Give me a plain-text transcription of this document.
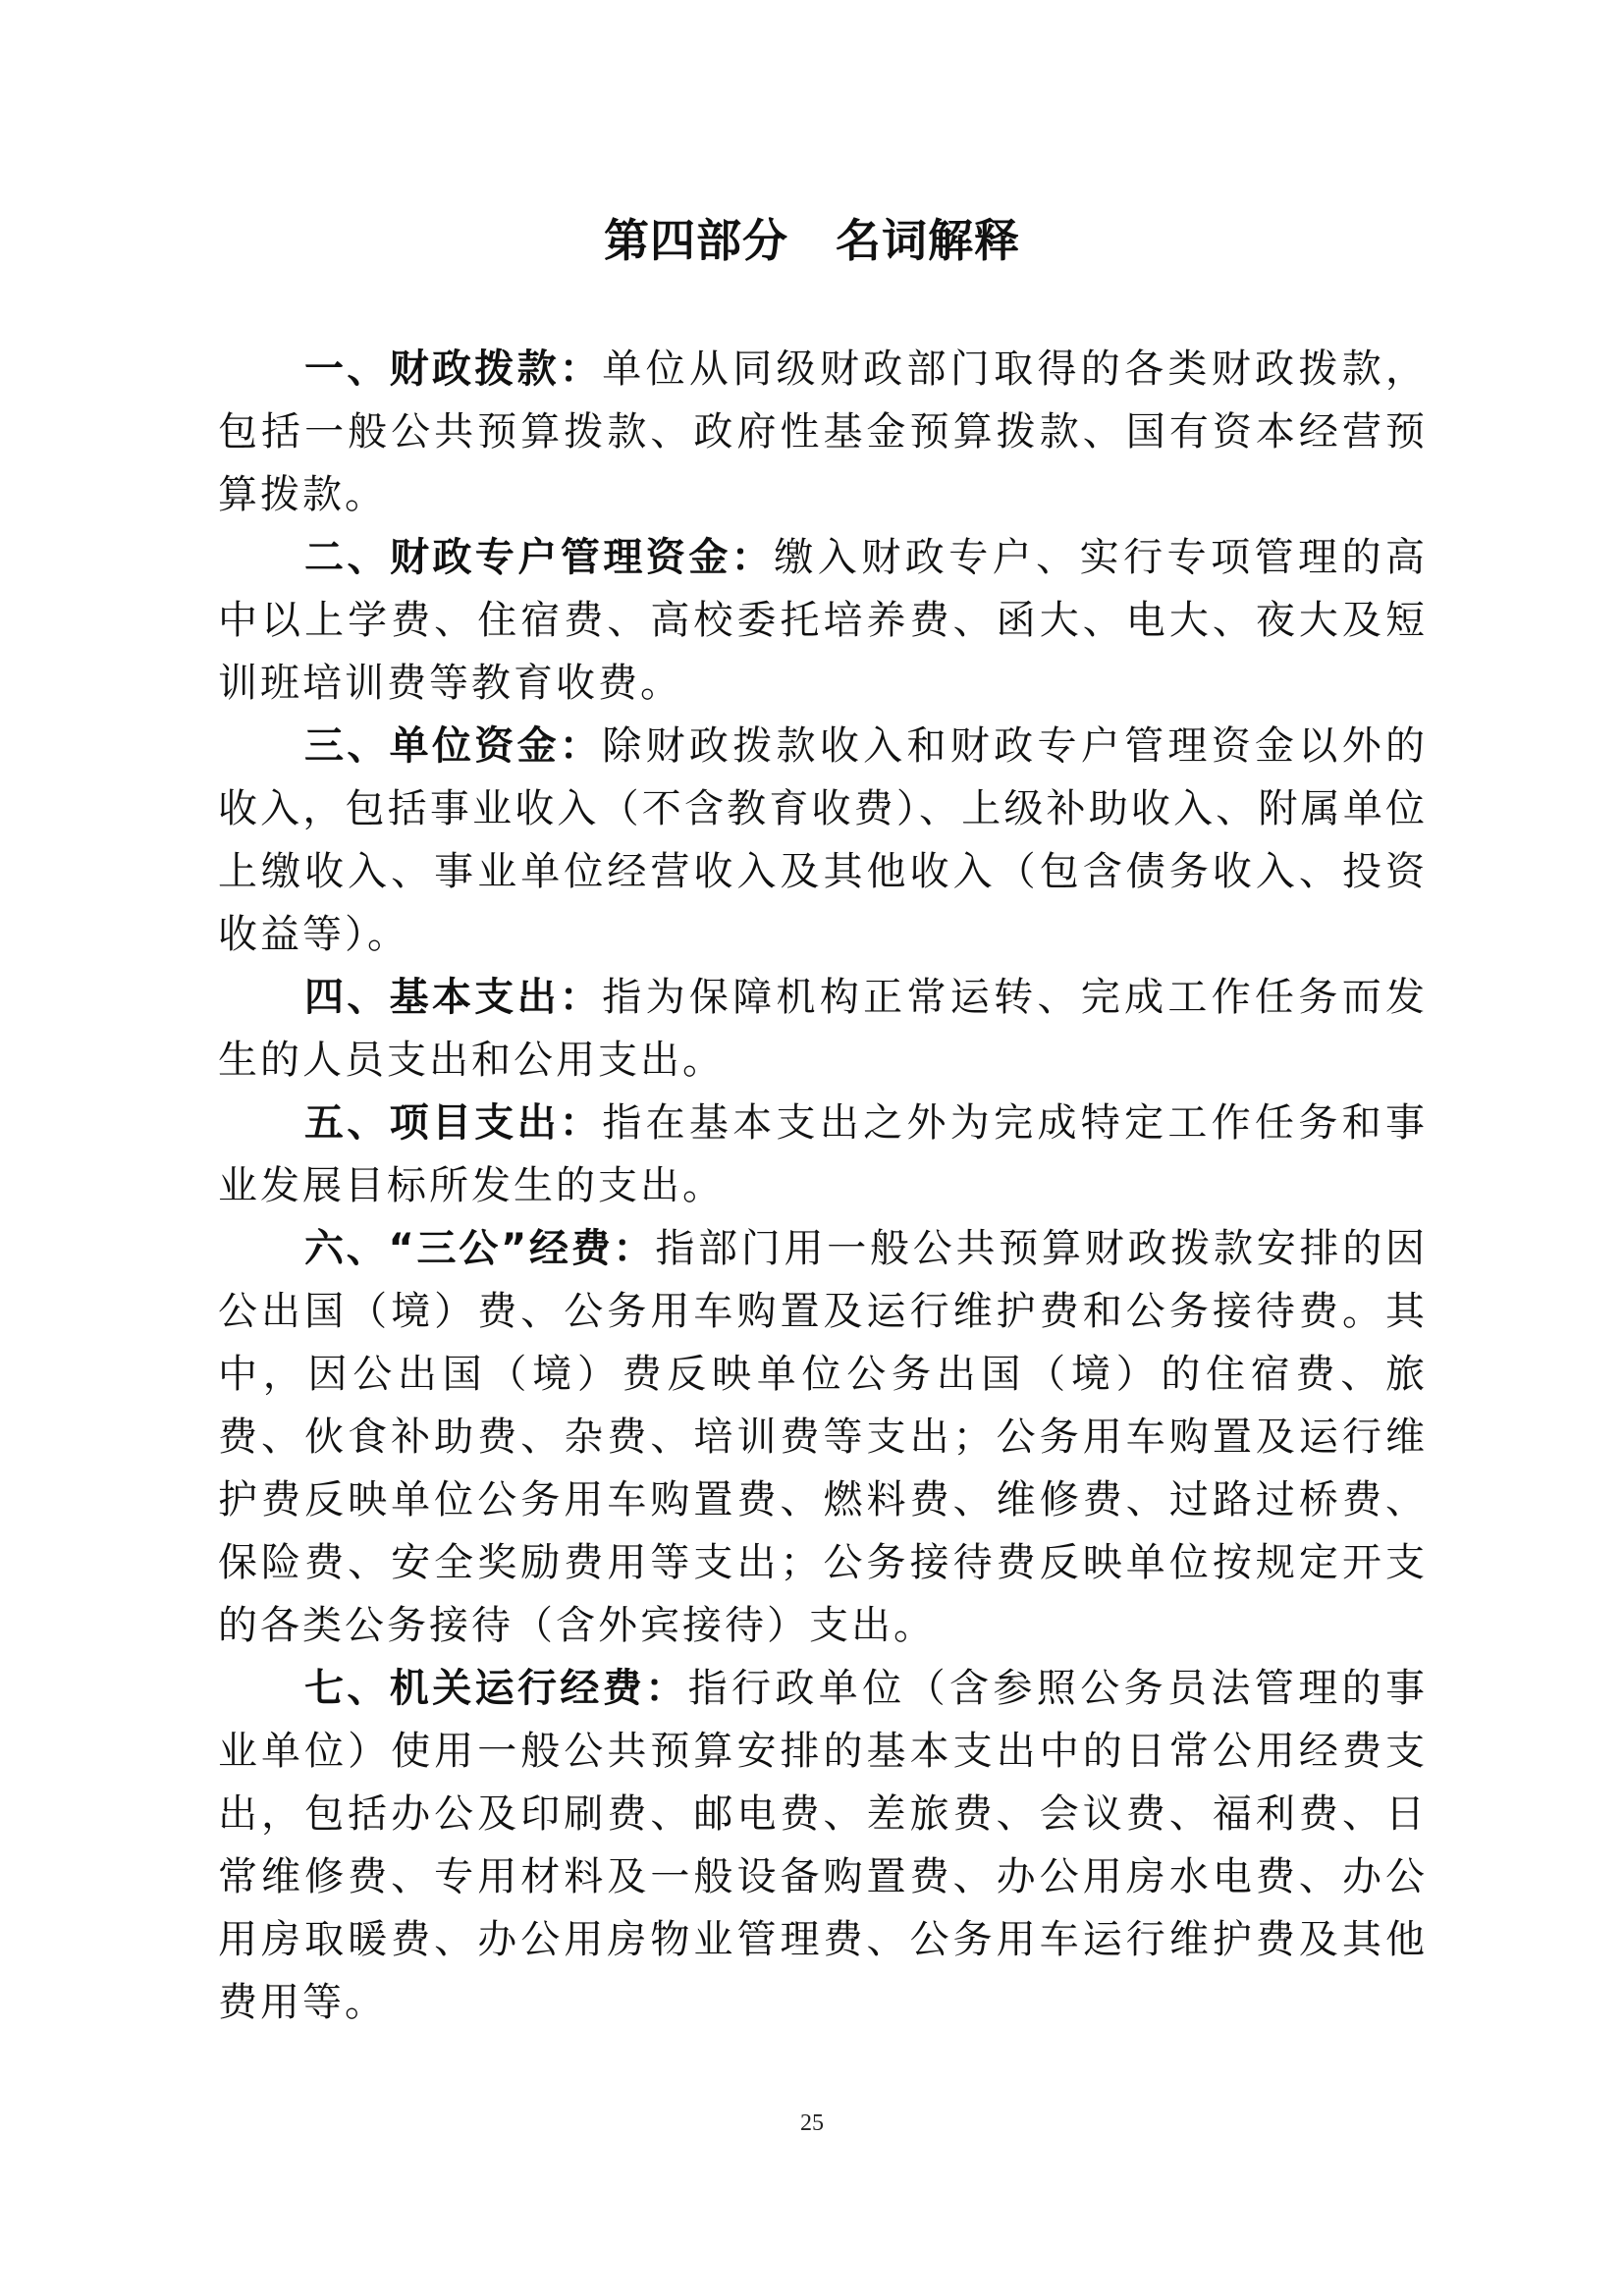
第四部分 名词解释

一、财政拨款：单位从同级财政部门取得的各类财政拨款，包括一般公共预算拨款、政府性基金预算拨款、国有资本经营预算拨款。

二、财政专户管理资金：缴入财政专户、实行专项管理的高中以上学费、住宿费、高校委托培养费、函大、电大、夜大及短训班培训费等教育收费。

三、单位资金：除财政拨款收入和财政专户管理资金以外的收入，包括事业收入（不含教育收费）、上级补助收入、附属单位上缴收入、事业单位经营收入及其他收入（包含债务收入、投资收益等）。

四、基本支出：指为保障机构正常运转、完成工作任务而发生的人员支出和公用支出。

五、项目支出：指在基本支出之外为完成特定工作任务和事业发展目标所发生的支出。

六、“三公”经费：指部门用一般公共预算财政拨款安排的因公出国（境）费、公务用车购置及运行维护费和公务接待费。其中，因公出国（境）费反映单位公务出国（境）的住宿费、旅费、伙食补助费、杂费、培训费等支出；公务用车购置及运行维护费反映单位公务用车购置费、燃料费、维修费、过路过桥费、保险费、安全奖励费用等支出；公务接待费反映单位按规定开支的各类公务接待（含外宾接待）支出。

七、机关运行经费：指行政单位（含参照公务员法管理的事业单位）使用一般公共预算安排的基本支出中的日常公用经费支出，包括办公及印刷费、邮电费、差旅费、会议费、福利费、日常维修费、专用材料及一般设备购置费、办公用房水电费、办公用房取暖费、办公用房物业管理费、公务用车运行维护费及其他费用等。

25
